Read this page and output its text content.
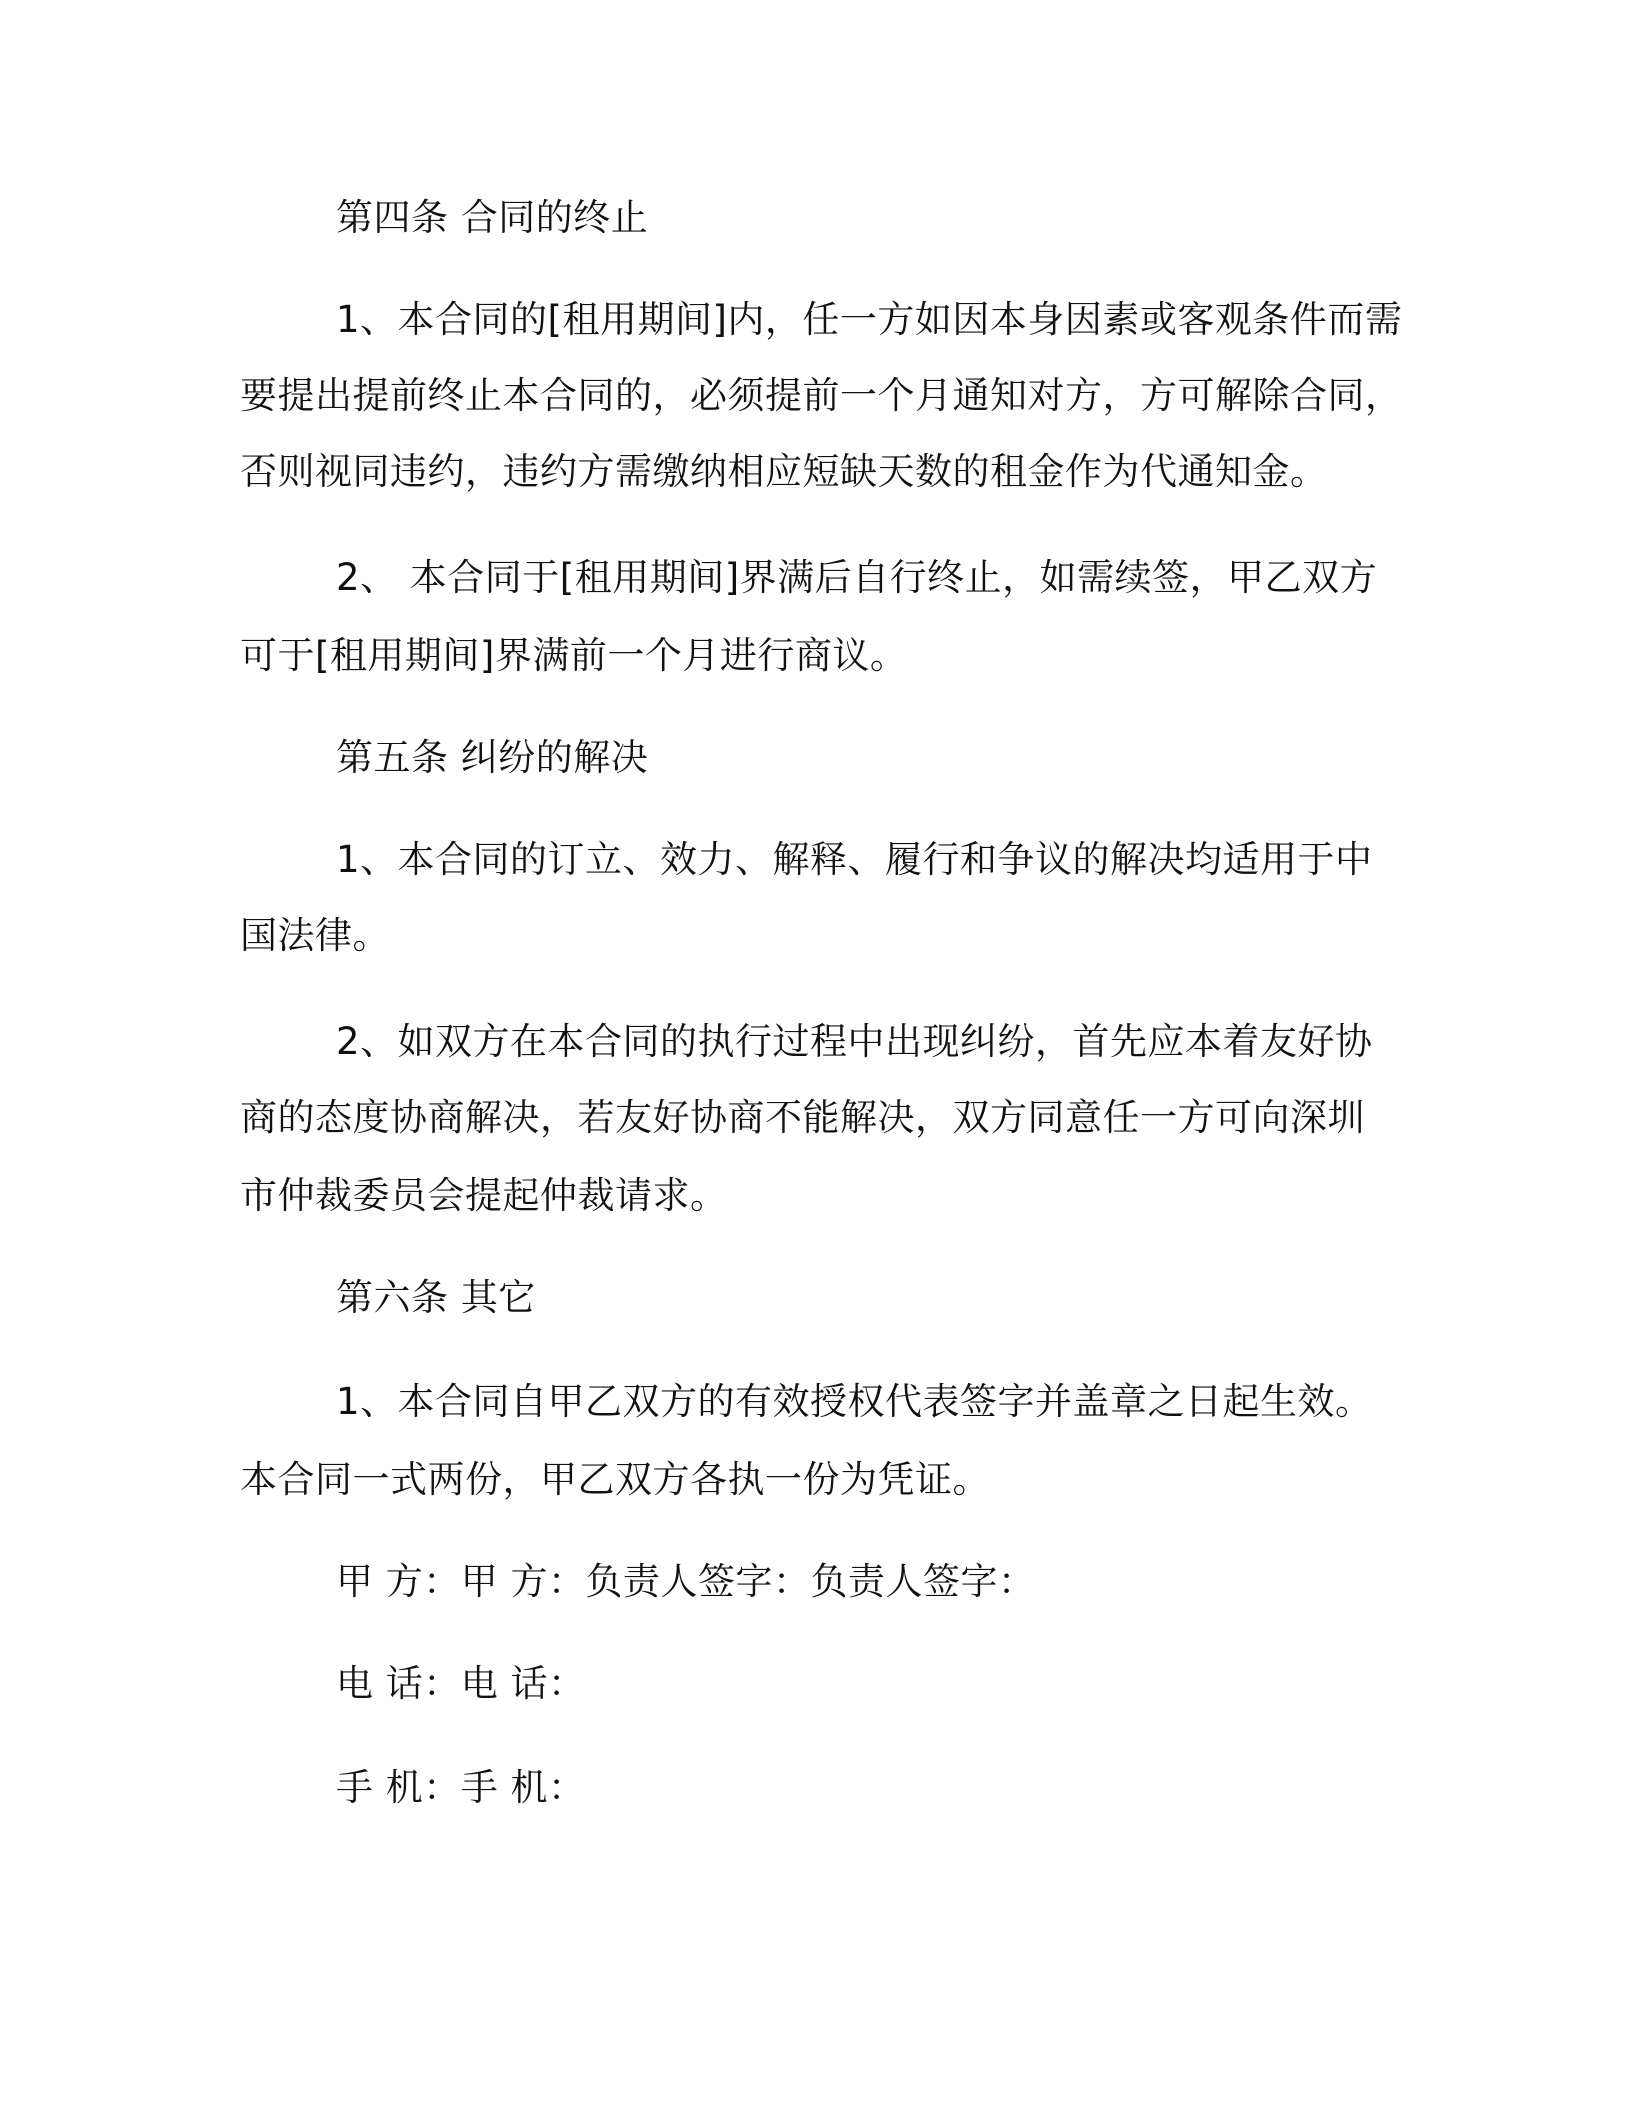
第四条 合同的终止
1、本合同的[租用期间]内，任一方如因本身因素或客观条件而需
要提出提前终止本合同的，必须提前一个月通知对方，方可解除合同，
否则视同违约，违约方需缴纳相应短缺天数的租金作为代通知金。
2、 本合同于[租用期间]界满后自行终止，如需续签，甲乙双方
可于[租用期间]界满前一个月进行商议。
第五条 纠纷的解决
1、本合同的订立、效力、解释、履行和争议的解决均适用于中
国法律。
2、如双方在本合同的执行过程中出现纠纷，首先应本着友好协
商的态度协商解决，若友好协商不能解决，双方同意任一方可向深圳
市仲裁委员会提起仲裁请求。
第六条 其它
1、本合同自甲乙双方的有效授权代表签字并盖章之日起生效。
本合同一式两份，甲乙双方各执一份为凭证。
甲 方：甲 方：负责人签字：负责人签字：
电 话：电 话：
手 机：手 机：
